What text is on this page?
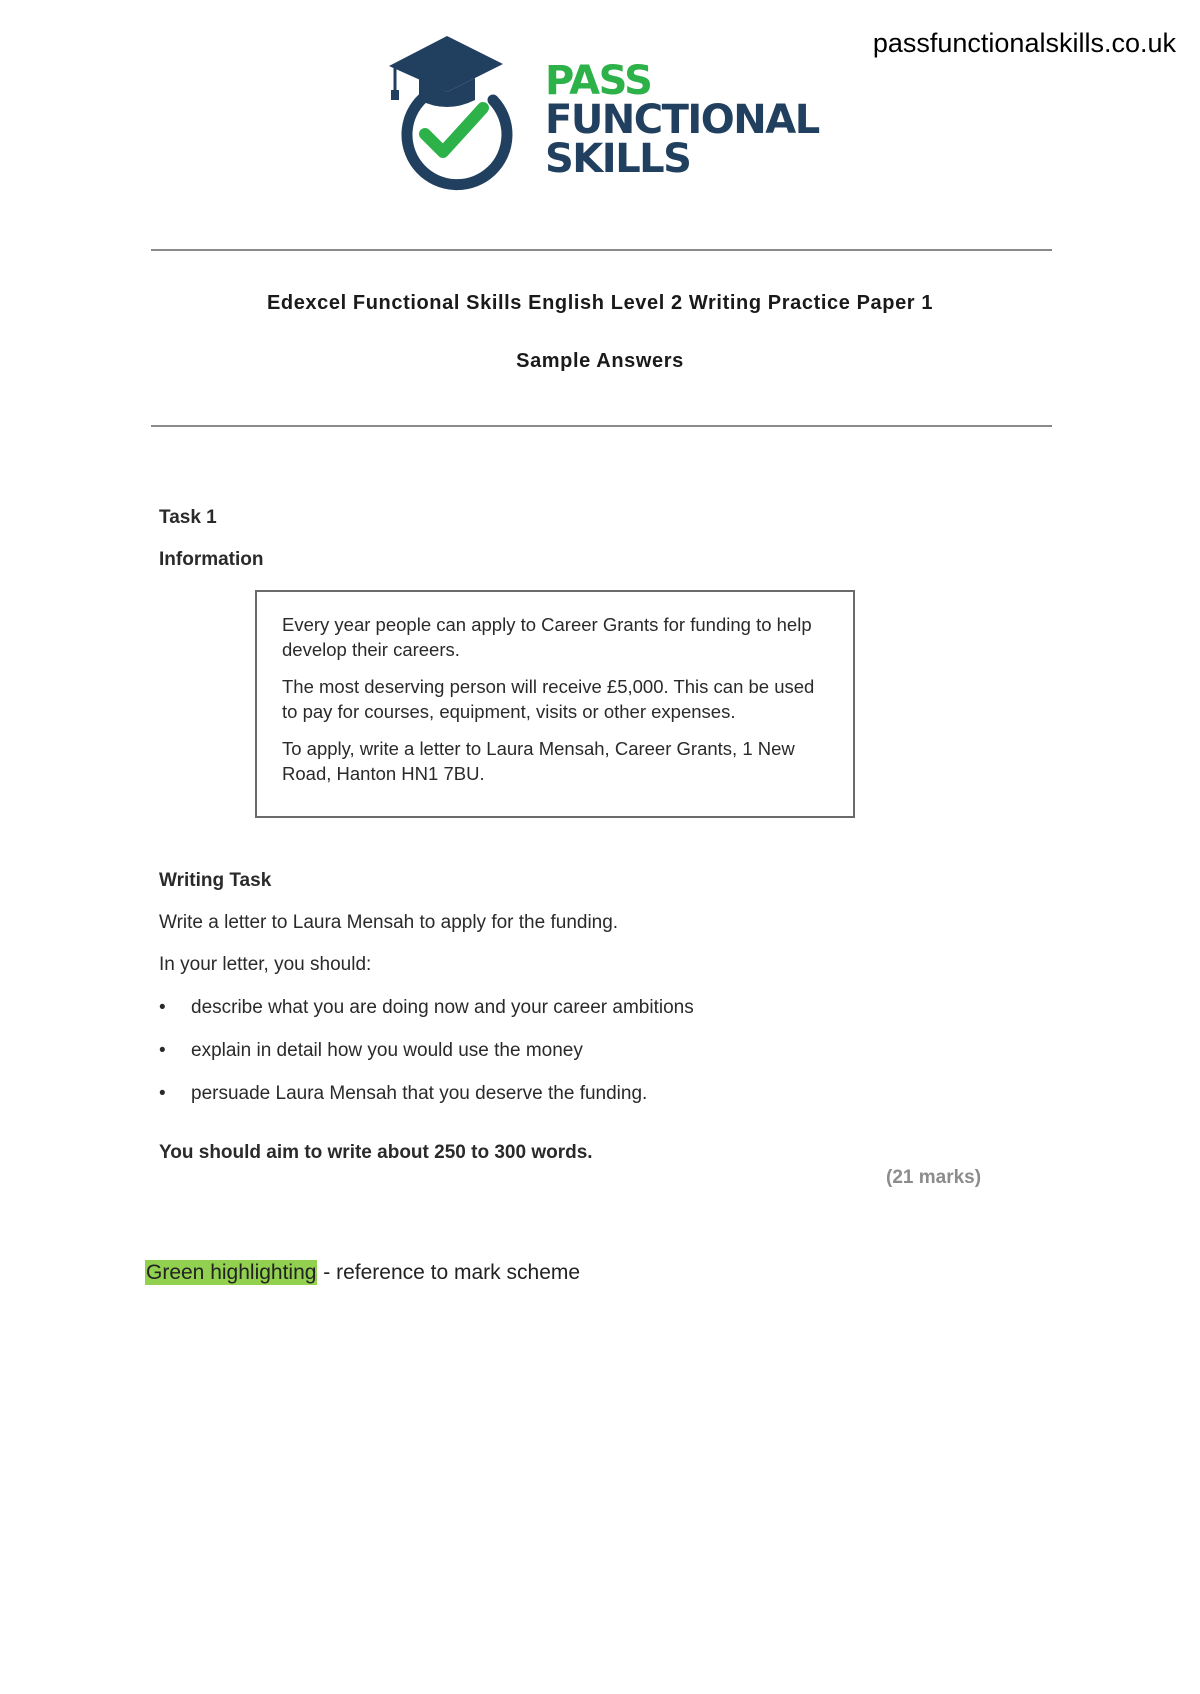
passfunctionalskills.co.uk
PASS
FUNCTIONAL
SKILLS
Edexcel Functional Skills English Level 2 Writing Practice Paper 1
Sample Answers
Task 1
Information

Every year people can apply to Career Grants for funding to help develop their careers.

The most deserving person will receive £5,000. This can be used to pay for courses, equipment, visits or other expenses.

To apply, write a letter to Laura Mensah, Career Grants, 1 New Road, Hanton HN1 7BU.

Writing Task
Write a letter to Laura Mensah to apply for the funding.
In your letter, you should:
• describe what you are doing now and your career ambitions
• explain in detail how you would use the money
• persuade Laura Mensah that you deserve the funding.
You should aim to write about 250 to 300 words.
(21 marks)
Green highlighting - reference to mark scheme
